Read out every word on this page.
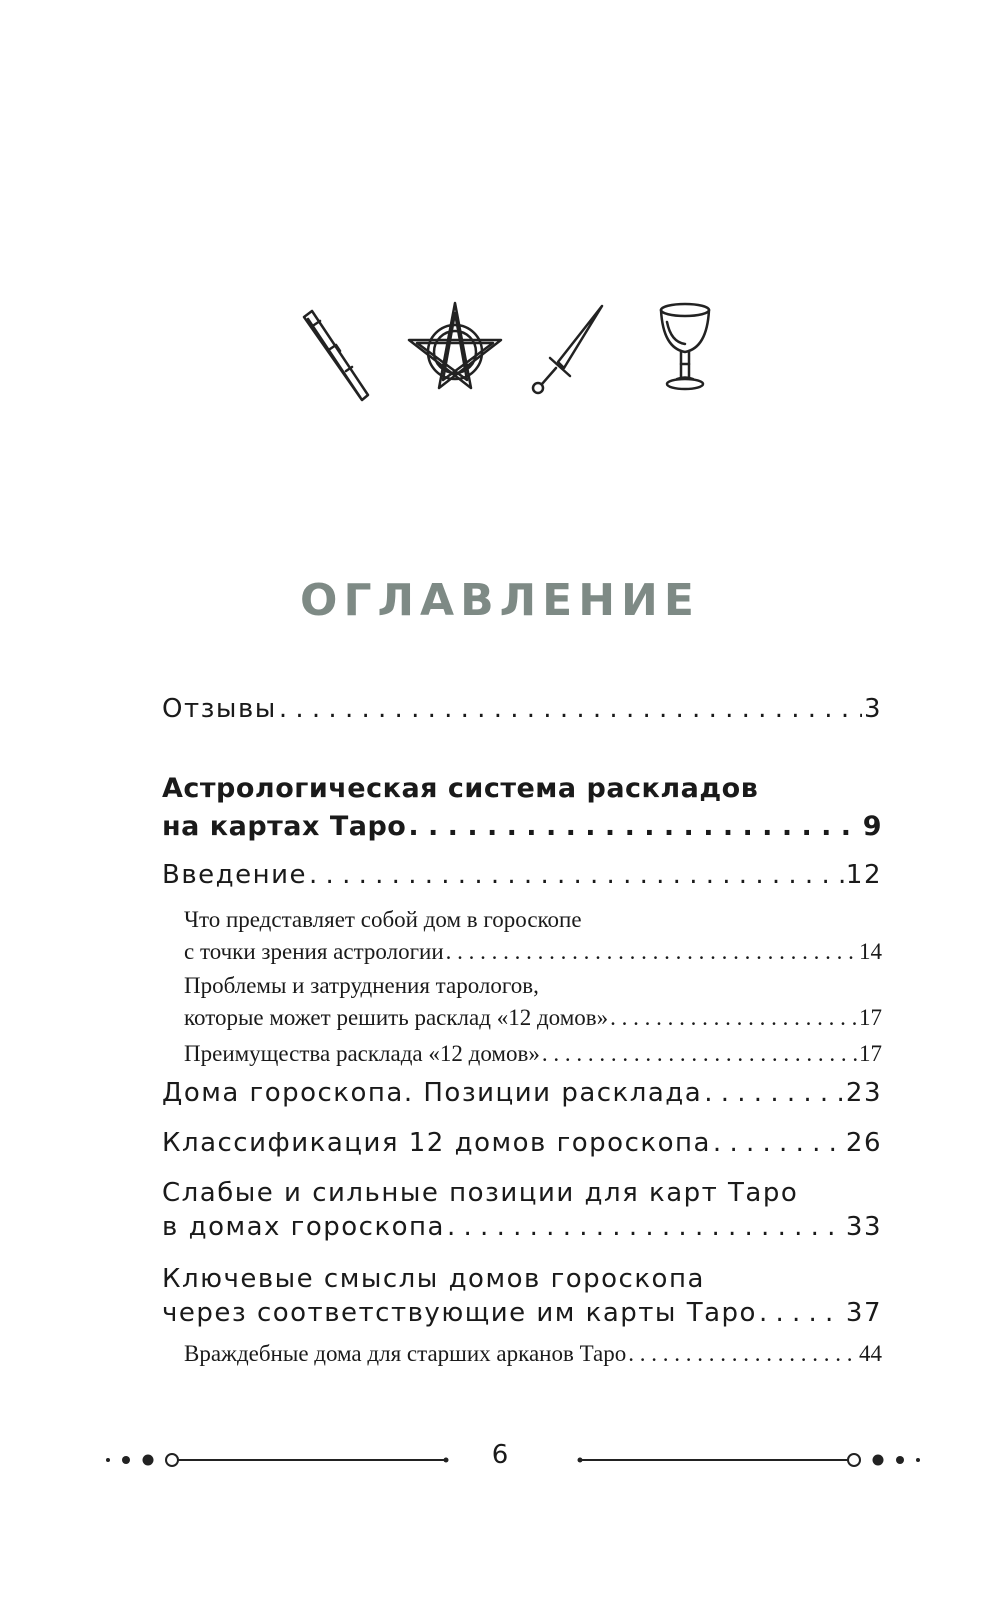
ОГЛАВЛЕНИЕ
Отзывы . . .	3
Астрологическая система раскладов
на картах Таро . . .	9
Введение . . .	12
Что представляет собой дом в гороскопе
с точки зрения астрологии . . .	14
Проблемы и затруднения тарологов,
которые может решить расклад «12 домов» . . .	17
Преимущества расклада «12 домов» . . .	17
Дома гороскопа. Позиции расклада . . .	23
Классификация 12 домов гороскопа . . .	26
Слабые и сильные позиции для карт Таро
в домах гороскопа . . .	33
Ключевые смыслы домов гороскопа
через соответствующие им карты Таро . . .	37
Враждебные дома для старших арканов Таро . . .	44
6
